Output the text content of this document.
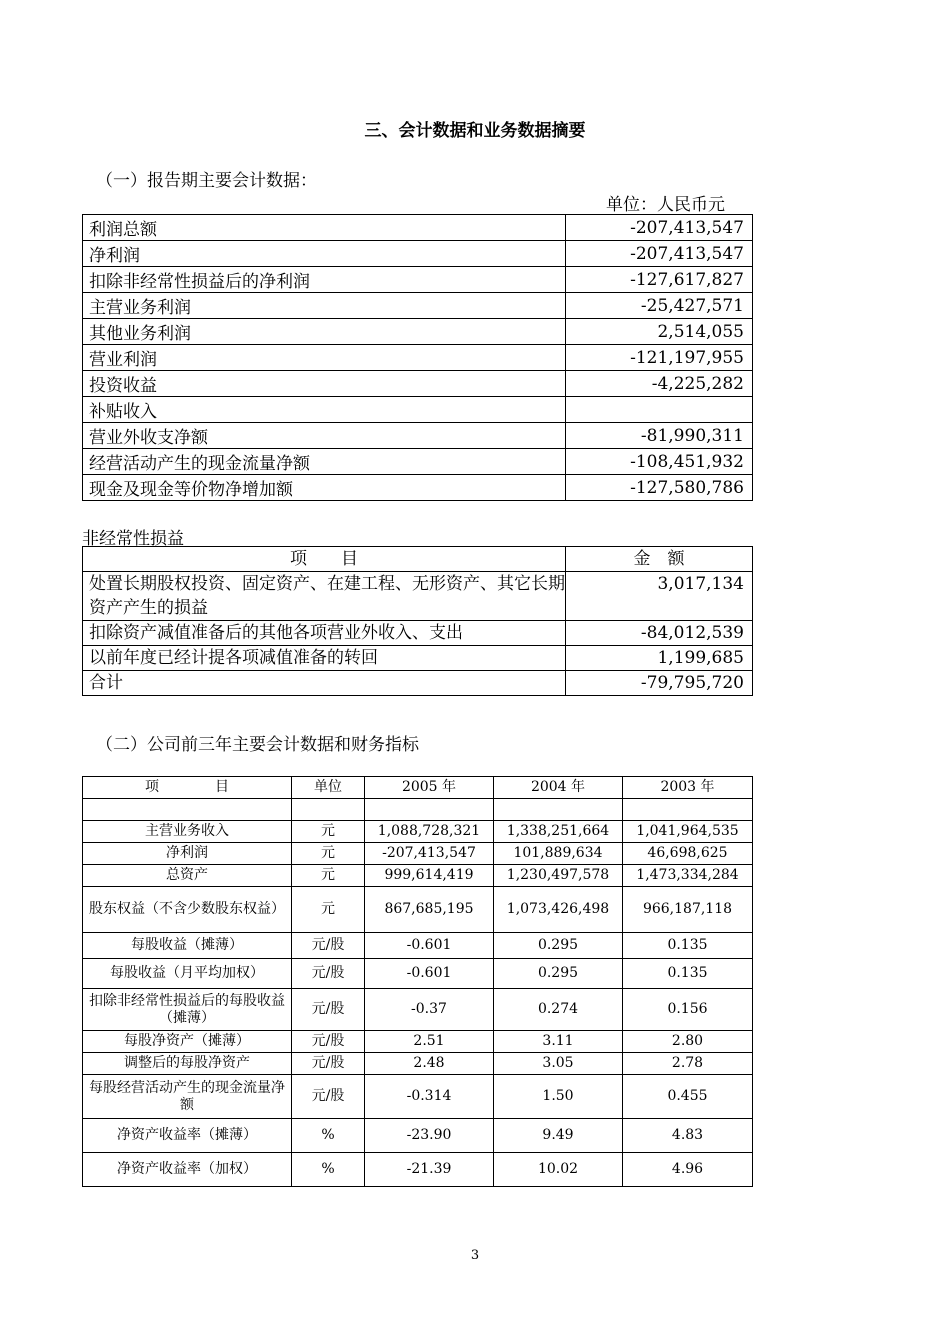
三、会计数据和业务数据摘要
（一）报告期主要会计数据：
单位：人民币元
利润总额	-207,413,547
净利润	-207,413,547
扣除非经常性损益后的净利润	-127,617,827
主营业务利润	-25,427,571
其他业务利润	2,514,055
营业利润	-121,197,955
投资收益	-4,225,282
补贴收入	
营业外收支净额	-81,990,311
经营活动产生的现金流量净额	-108,451,932
现金及现金等价物净增加额	-127,580,786
非经常性损益
项　　目	金　额
处置长期股权投资、固定资产、在建工程、无形资产、其它长期资产产生的损益	3,017,134
扣除资产减值准备后的其他各项营业外收入、支出	-84,012,539
以前年度已经计提各项减值准备的转回	1,199,685
合计	-79,795,720
（二）公司前三年主要会计数据和财务指标
项　　　　目	单位	2005 年	2004 年	2003 年

主营业务收入	元	1,088,728,321	1,338,251,664	1,041,964,535
净利润	元	-207,413,547	101,889,634	46,698,625
总资产	元	999,614,419	1,230,497,578	1,473,334,284
股东权益（不含少数股东权益）	元	867,685,195	1,073,426,498	966,187,118
每股收益（摊薄）	元/股	-0.601	0.295	0.135
每股收益（月平均加权）	元/股	-0.601	0.295	0.135
扣除非经常性损益后的每股收益（摊薄）	元/股	-0.37	0.274	0.156
每股净资产（摊薄）	元/股	2.51	3.11	2.80
调整后的每股净资产	元/股	2.48	3.05	2.78
每股经营活动产生的现金流量净额	元/股	-0.314	1.50	0.455
净资产收益率（摊薄）	%	-23.90	9.49	4.83
净资产收益率（加权）	%	-21.39	10.02	4.96
3
